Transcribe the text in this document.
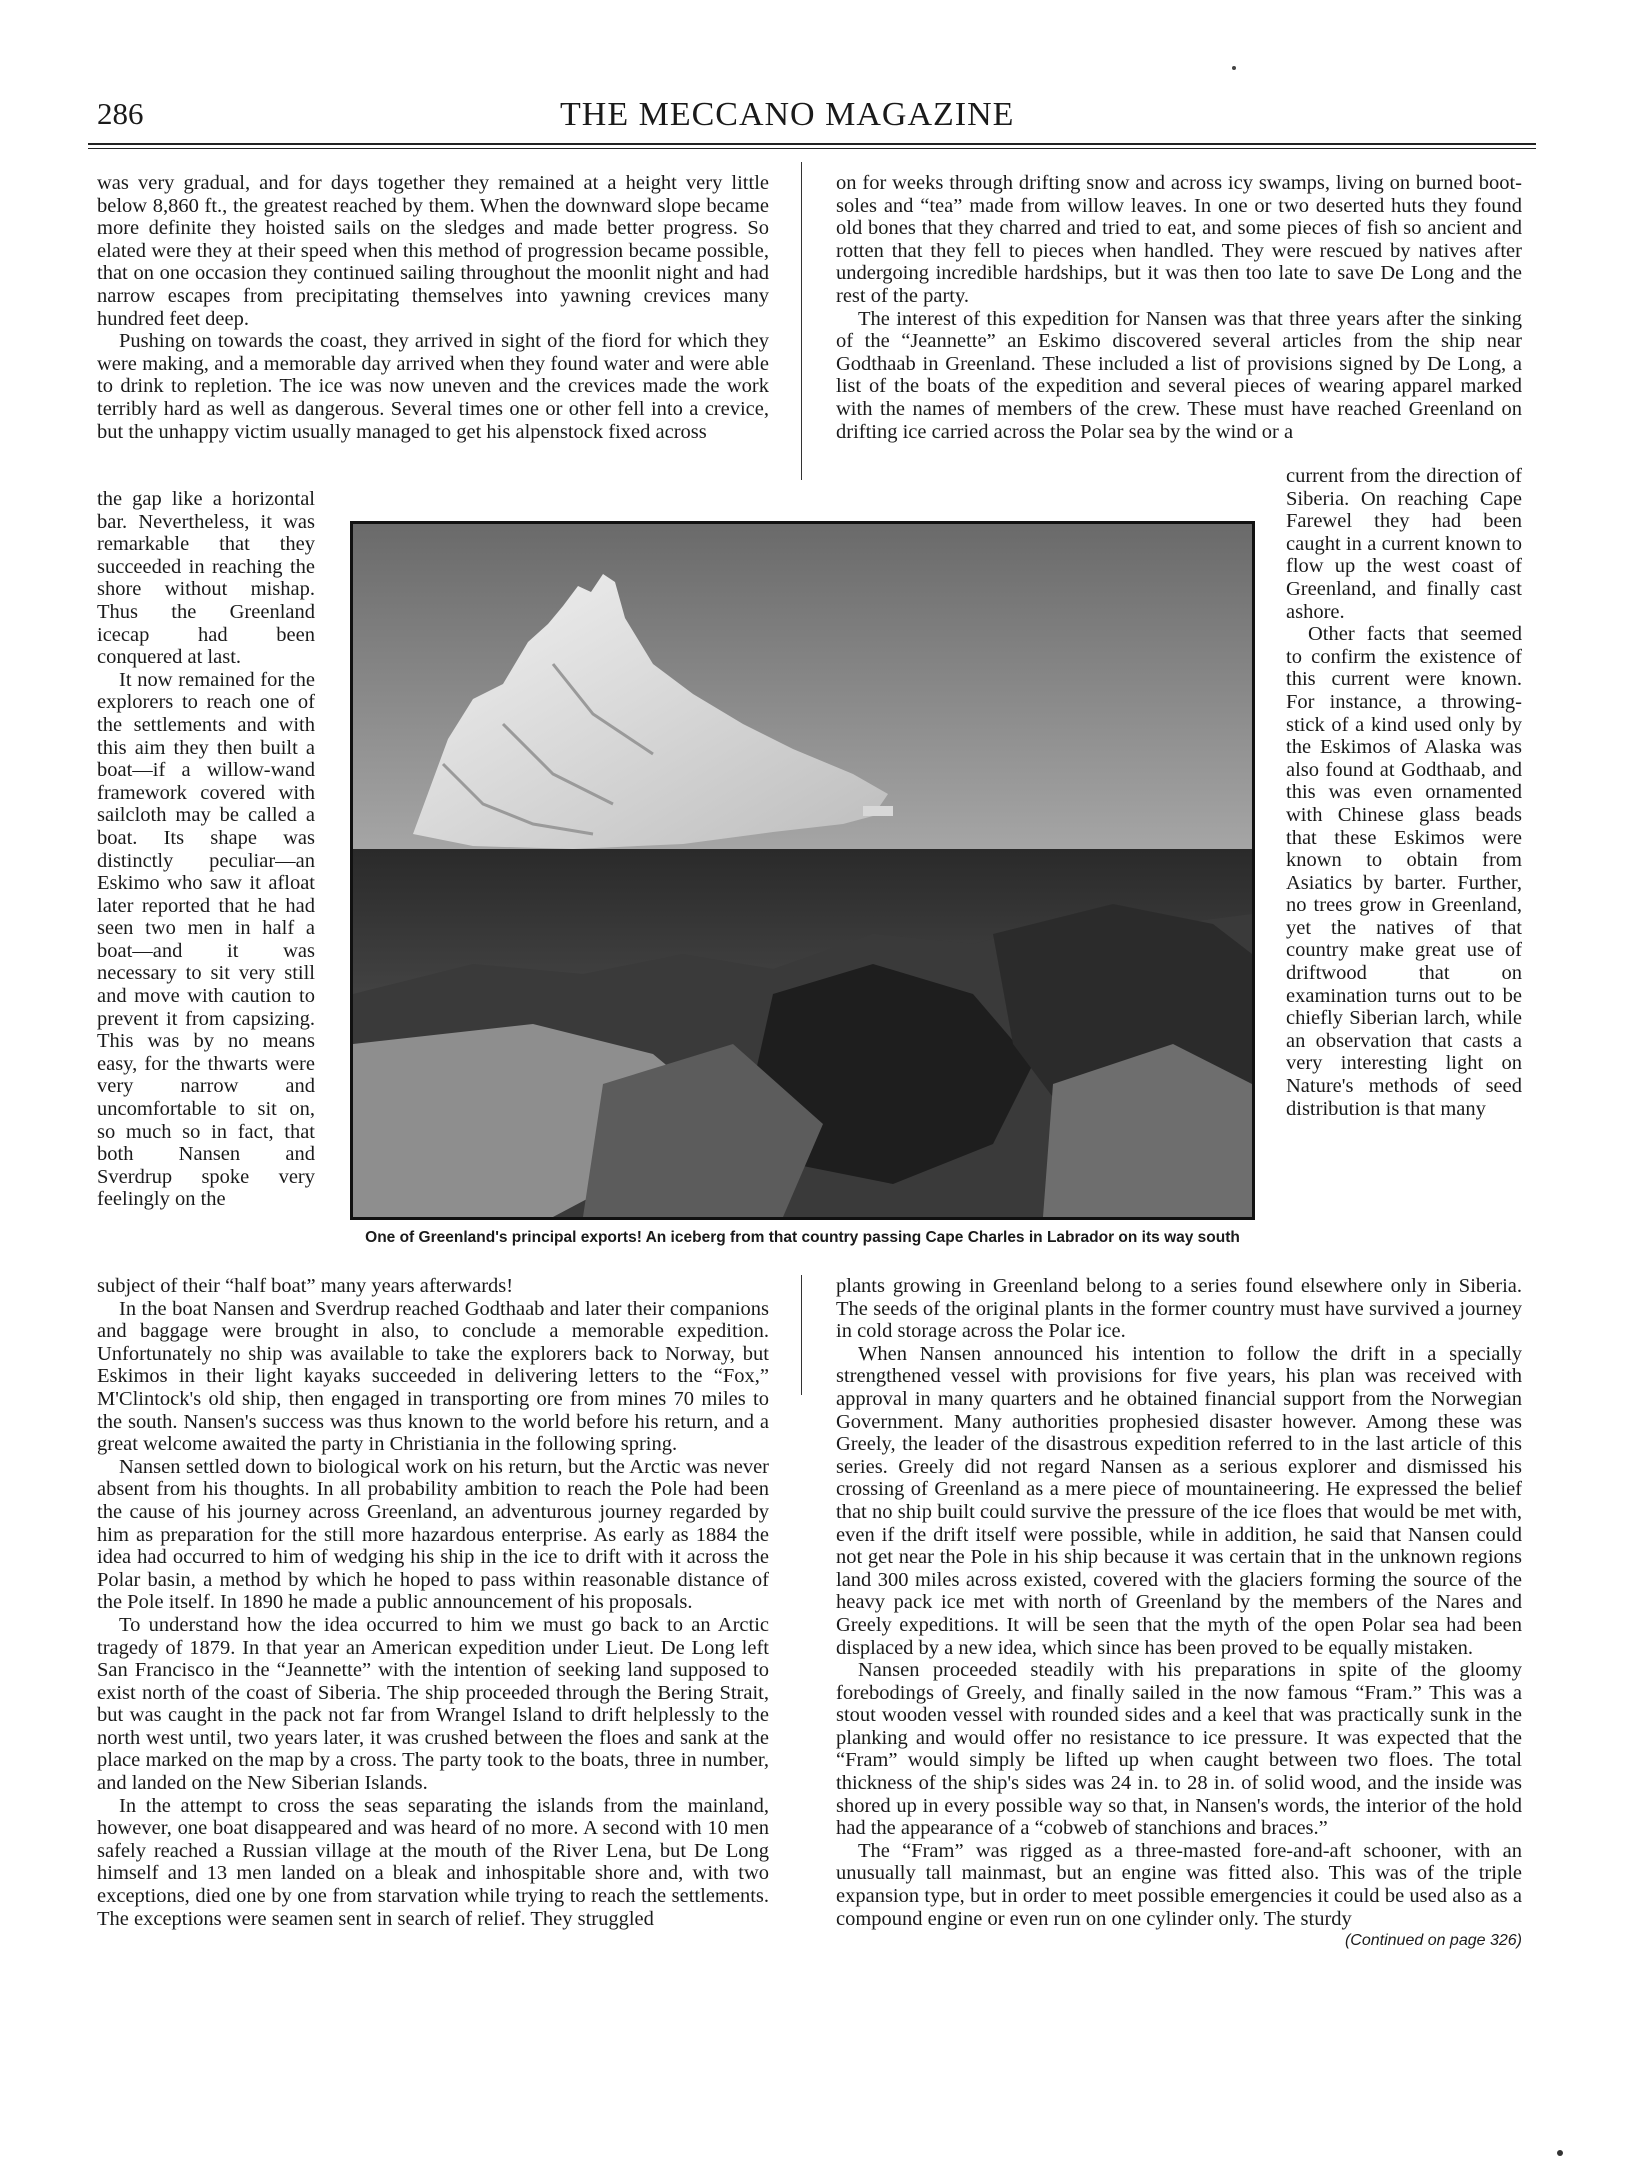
286	THE MECCANO MAGAZINE

was very gradual, and for days together they remained at a height very little below 8,860 ft., the greatest reached by them. When the downward slope became more definite they hoisted sails on the sledges and made better progress. So elated were they at their speed when this method of progression became possible, that on one occasion they continued sailing throughout the moonlit night and had narrow escapes from precipitating themselves into yawning crevices many hundred feet deep.

Pushing on towards the coast, they arrived in sight of the fiord for which they were making, and a memorable day arrived when they found water and were able to drink to repletion. The ice was now uneven and the crevices made the work terribly hard as well as dangerous. Several times one or other fell into a crevice, but the unhappy victim usually managed to get his alpenstock fixed across

the gap like a horizontal bar. Nevertheless, it was remarkable that they succeeded in reaching the shore without mishap. Thus the Greenland icecap had been conquered at last.

It now remained for the explorers to reach one of the settlements and with this aim they then built a boat—if a willow-wand framework covered with sailcloth may be called a boat. Its shape was distinctly peculiar—an Eskimo who saw it afloat later reported that he had seen two men in half a boat—and it was necessary to sit very still and move with caution to prevent it from capsizing. This was by no means easy, for the thwarts were very narrow and uncomfortable to sit on, so much so in fact, that both Nansen and Sverdrup spoke very feelingly on the

subject of their “half boat” many years afterwards!

In the boat Nansen and Sverdrup reached Godthaab and later their companions and baggage were brought in also, to conclude a memorable expedition. Unfortunately no ship was available to take the explorers back to Norway, but Eskimos in their light kayaks succeeded in delivering letters to the “Fox,” M'Clintock's old ship, then engaged in transporting ore from mines 70 miles to the south. Nansen's success was thus known to the world before his return, and a great welcome awaited the party in Christiania in the following spring.

Nansen settled down to biological work on his return, but the Arctic was never absent from his thoughts. In all probability ambition to reach the Pole had been the cause of his journey across Greenland, an adventurous journey regarded by him as preparation for the still more hazardous enterprise. As early as 1884 the idea had occurred to him of wedging his ship in the ice to drift with it across the Polar basin, a method by which he hoped to pass within reasonable distance of the Pole itself. In 1890 he made a public announcement of his proposals.

To understand how the idea occurred to him we must go back to an Arctic tragedy of 1879. In that year an American expedition under Lieut. De Long left San Francisco in the “Jeannette” with the intention of seeking land supposed to exist north of the coast of Siberia. The ship proceeded through the Bering Strait, but was caught in the pack not far from Wrangel Island to drift helplessly to the north west until, two years later, it was crushed between the floes and sank at the place marked on the map by a cross. The party took to the boats, three in number, and landed on the New Siberian Islands.

In the attempt to cross the seas separating the islands from the mainland, however, one boat disappeared and was heard of no more. A second with 10 men safely reached a Russian village at the mouth of the River Lena, but De Long himself and 13 men landed on a bleak and inhospitable shore and, with two exceptions, died one by one from starvation while trying to reach the settlements. The exceptions were seamen sent in search of relief. They struggled

on for weeks through drifting snow and across icy swamps, living on burned boot-soles and “tea” made from willow leaves. In one or two deserted huts they found old bones that they charred and tried to eat, and some pieces of fish so ancient and rotten that they fell to pieces when handled. They were rescued by natives after undergoing incredible hardships, but it was then too late to save De Long and the rest of the party.

The interest of this expedition for Nansen was that three years after the sinking of the “Jeannette” an Eskimo discovered several articles from the ship near Godthaab in Greenland. These included a list of provisions signed by De Long, a list of the boats of the expedition and several pieces of wearing apparel marked with the names of members of the crew. These must have reached Greenland on drifting ice carried across the Polar sea by the wind or a

current from the direction of Siberia. On reaching Cape Farewel they had been caught in a current known to flow up the west coast of Greenland, and finally cast ashore.

Other facts that seemed to confirm the existence of this current were known. For instance, a throwing-stick of a kind used only by the Eskimos of Alaska was also found at Godthaab, and this was even ornamented with Chinese glass beads that these Eskimos were known to obtain from Asiatics by barter. Further, no trees grow in Greenland, yet the natives of that country make great use of driftwood that on examination turns out to be chiefly Siberian larch, while an observation that casts a very interesting light on Nature's methods of seed distribution is that many

plants growing in Greenland belong to a series found elsewhere only in Siberia. The seeds of the original plants in the former country must have survived a journey in cold storage across the Polar ice.

When Nansen announced his intention to follow the drift in a specially strengthened vessel with provisions for five years, his plan was received with approval in many quarters and he obtained financial support from the Norwegian Government. Many authorities prophesied disaster however. Among these was Greely, the leader of the disastrous expedition referred to in the last article of this series. Greely did not regard Nansen as a serious explorer and dismissed his crossing of Greenland as a mere piece of mountaineering. He expressed the belief that no ship built could survive the pressure of the ice floes that would be met with, even if the drift itself were possible, while in addition, he said that Nansen could not get near the Pole in his ship because it was certain that in the unknown regions land 300 miles across existed, covered with the glaciers forming the source of the heavy pack ice met with north of Greenland by the members of the Nares and Greely expeditions. It will be seen that the myth of the open Polar sea had been displaced by a new idea, which since has been proved to be equally mistaken.

Nansen proceeded steadily with his preparations in spite of the gloomy forebodings of Greely, and finally sailed in the now famous “Fram.” This was a stout wooden vessel with rounded sides and a keel that was practically sunk in the planking and would offer no resistance to ice pressure. It was expected that the “Fram” would simply be lifted up when caught between two floes. The total thickness of the ship's sides was 24 in. to 28 in. of solid wood, and the inside was shored up in every possible way so that, in Nansen's words, the interior of the hold had the appearance of a “cobweb of stanchions and braces.”

The “Fram” was rigged as a three-masted fore-and-aft schooner, with an unusually tall mainmast, but an engine was fitted also. This was of the triple expansion type, but in order to meet possible emergencies it could be used also as a compound engine or even run on one cylinder only. The sturdy

(Continued on page 326)
One of Greenland's principal exports! An iceberg from that country passing Cape Charles in Labrador on its way south
